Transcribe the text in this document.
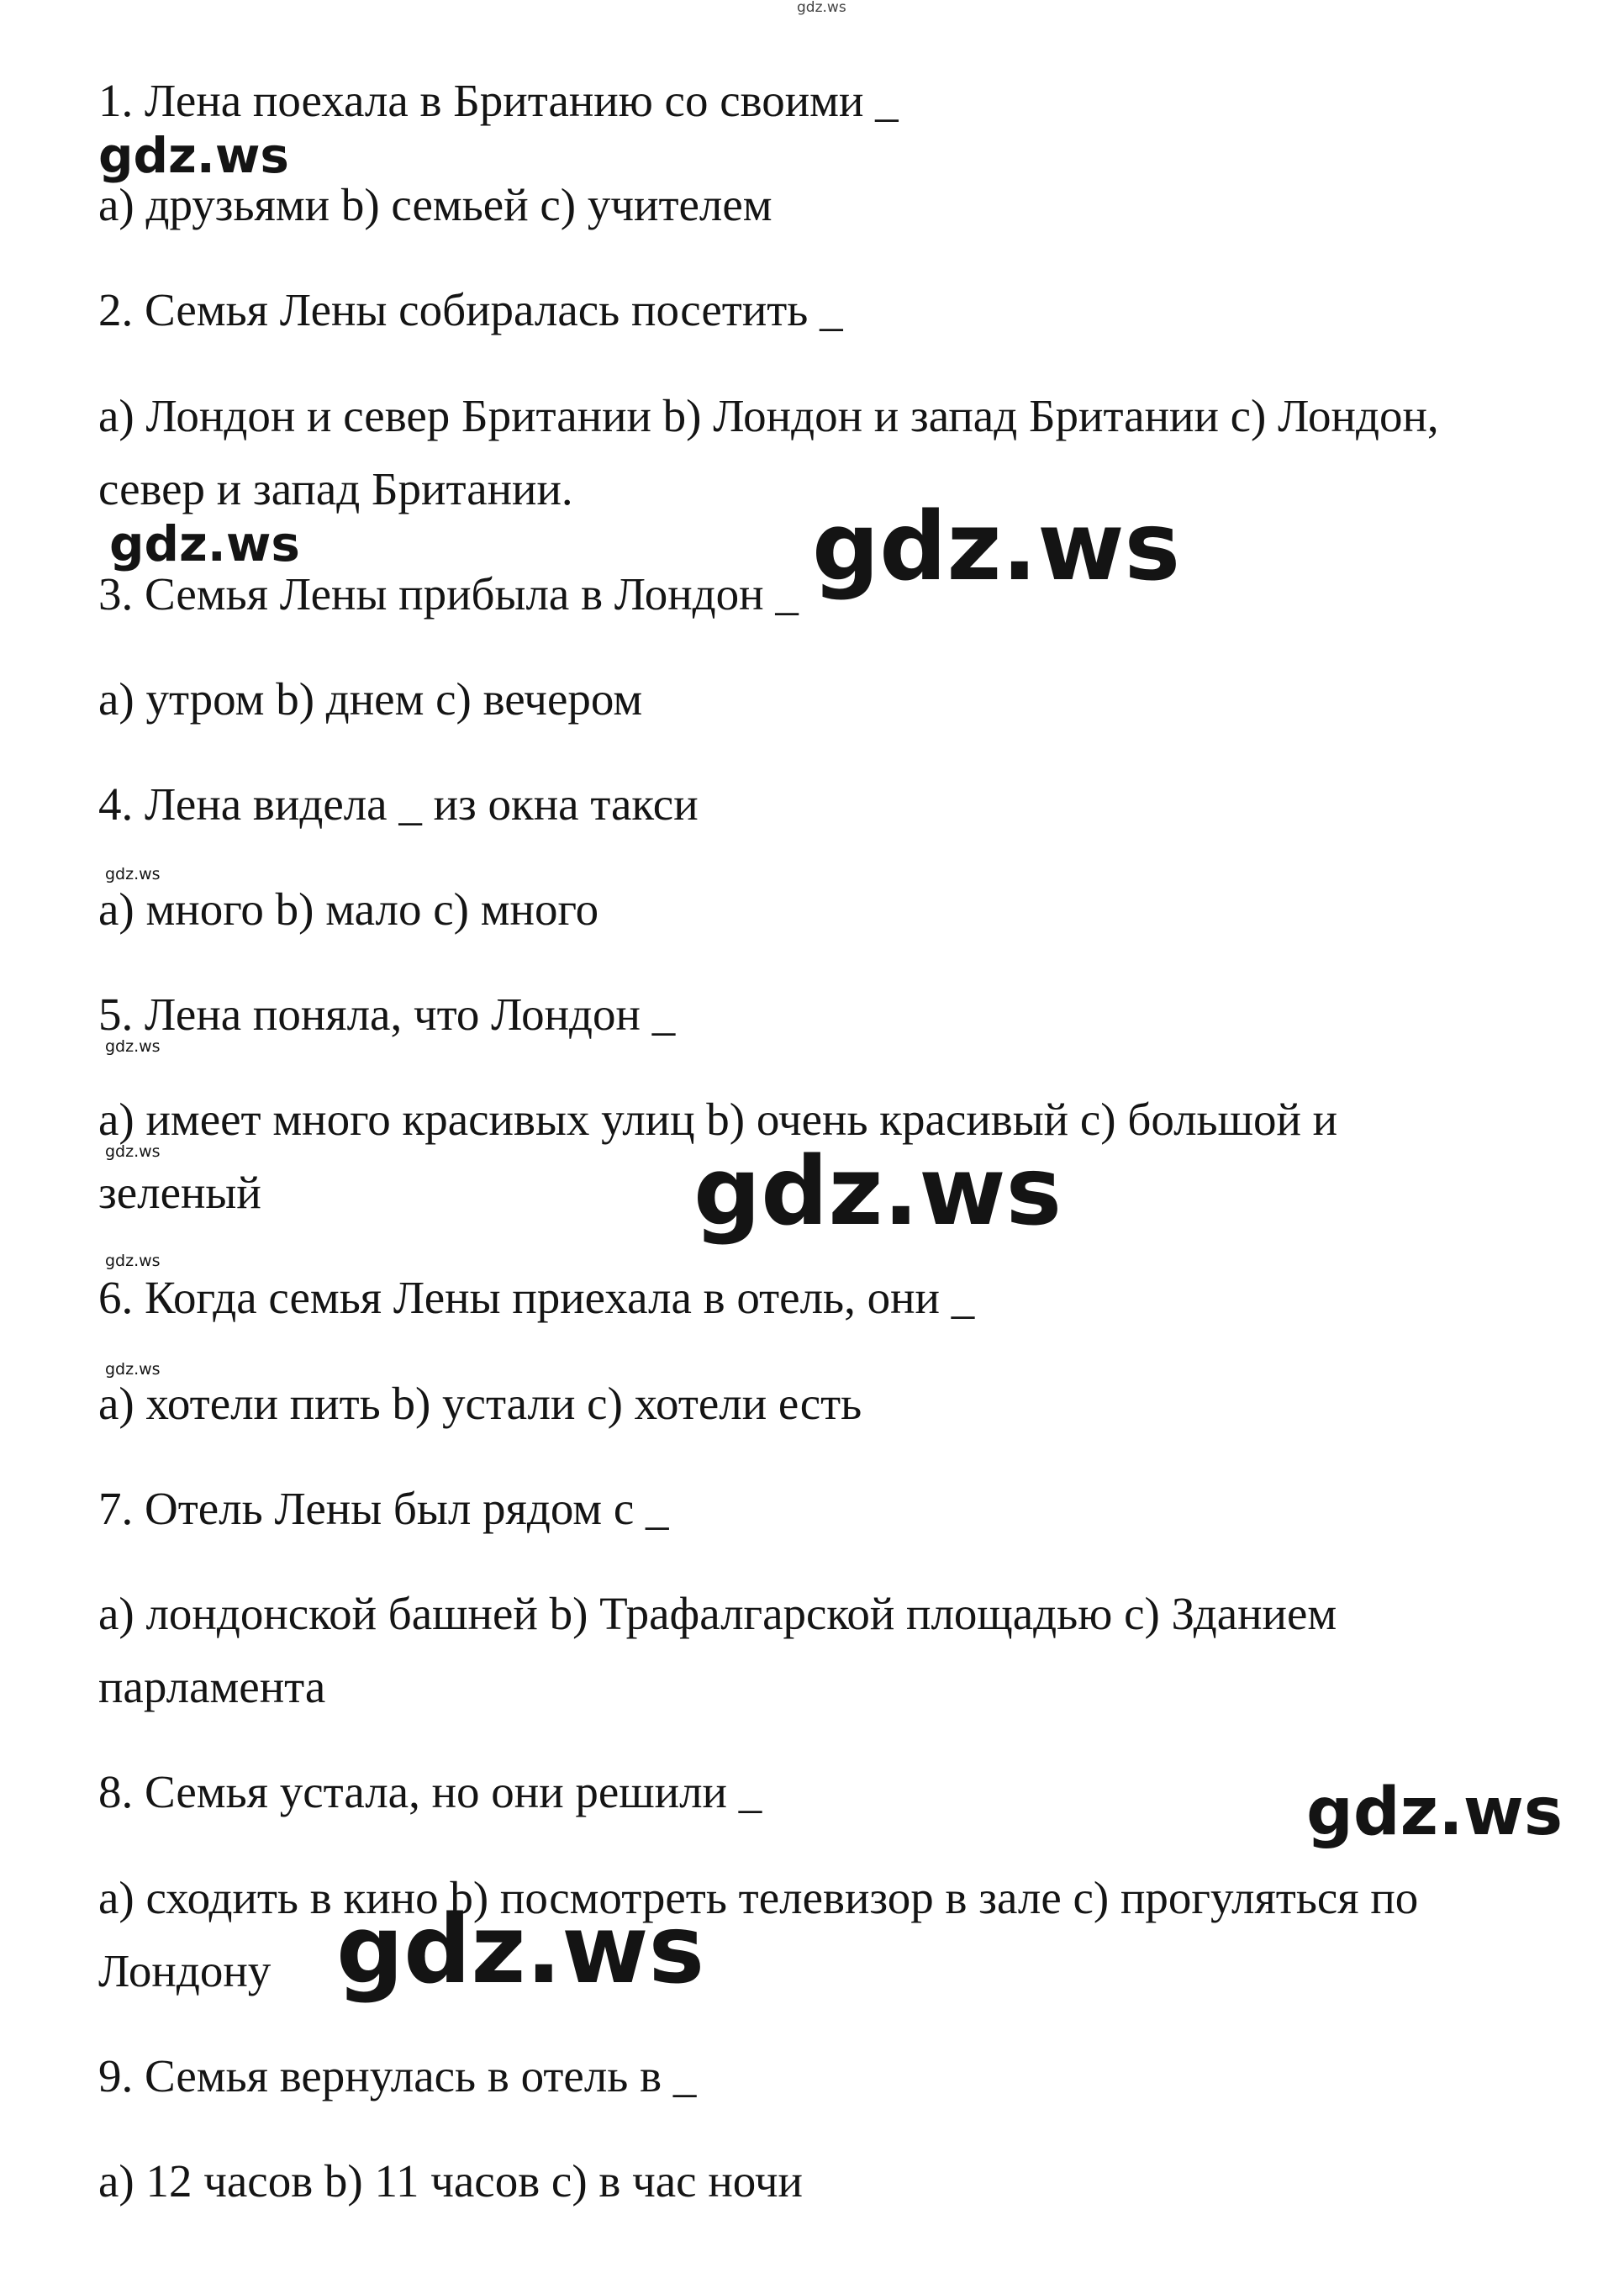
1. Лена поехала в Британию со своими _

a) друзьями b) семьей c) учителем

2. Семья Лены собиралась посетить _

a) Лондон и север Британии b) Лондон и запад Британии c) Лондон,

север и запад Британии.

3. Семья Лены прибыла в Лондон _

a) утром b) днем c) вечером

4. Лена видела _ из окна такси

a) много b) мало c) много

5. Лена поняла, что Лондон _

a) имеет много красивых улиц b) очень красивый c) большой и

зеленый

6. Когда семья Лены приехала в отель, они _

a) хотели пить b) устали c) хотели есть

7. Отель Лены был рядом с _

a) лондонской башней b) Трафалгарской площадью c) Зданием

парламента

8. Семья устала, но они решили _

a) сходить в кино b) посмотреть телевизор в зале c) прогуляться по

Лондону

9. Семья вернулась в отель в _

a) 12 часов b) 11 часов c) в час ночи

gdz.ws
gdz.ws
gdz.ws	gdz.ws
gdz.ws
gdz.ws
gdz.ws	gdz.ws
gdz.ws
gdz.ws
gdz.ws
gdz.ws
